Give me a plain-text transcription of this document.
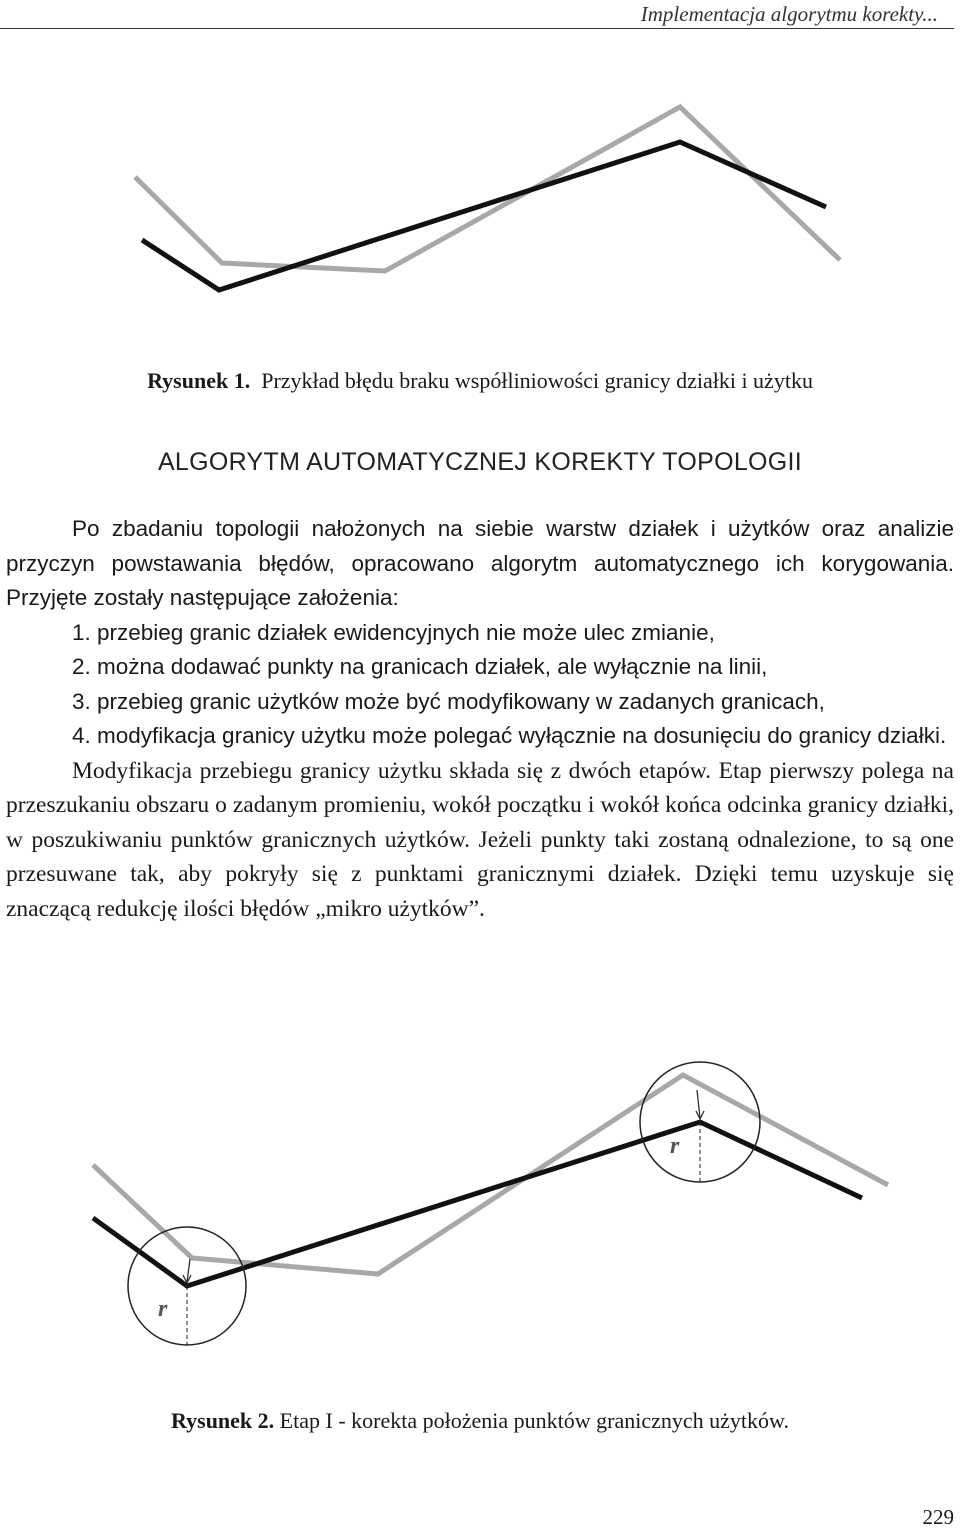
Implementacja algorytmu korekty...
Rysunek 1. Przykład błędu braku współliniowości granicy działki i użytku
ALGORYTM AUTOMATYCZNEJ KOREKTY TOPOLOGII

Po zbadaniu topologii nałożonych na siebie warstw działek i użytków oraz analizie przyczyn powstawania błędów, opracowano algorytm automatycznego ich korygowania. Przyjęte zostały następujące założenia:

1. przebieg granic działek ewidencyjnych nie może ulec zmianie,

2. można dodawać punkty na granicach działek, ale wyłącznie na linii,

3. przebieg granic użytków może być modyfikowany w zadanych granicach,

4. modyfikacja granicy użytku może polegać wyłącznie na dosunięciu do granicy działki.

Modyfikacja przebiegu granicy użytku składa się z dwóch etapów. Etap pierwszy polega na przeszukaniu obszaru o zadanym promieniu, wokół początku i wokół końca odcinka granicy działki, w poszukiwaniu punktów granicznych użytków. Jeżeli punkty taki zostaną odnalezione, to są one przesuwane tak, aby pokryły się z punktami granicznymi działek. Dzięki temu uzyskuje się znaczącą redukcję ilości błędów „mikro użytków”.

r
r
Rysunek 2. Etap I - korekta położenia punktów granicznych użytków.
229
